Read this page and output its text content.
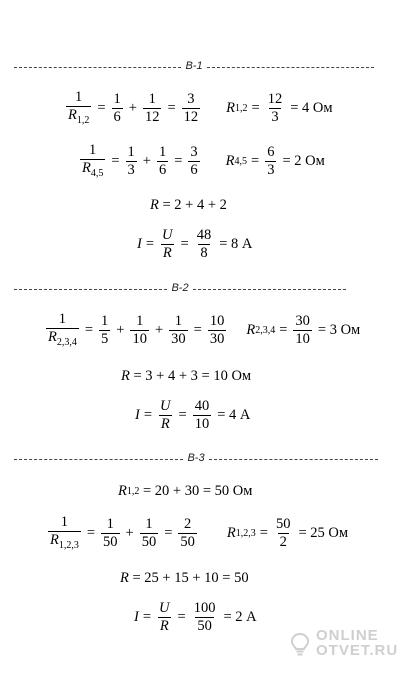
В-1
$\frac{1}{R_{1,2}} = \frac{1}{6} + \frac{1}{12} = \frac{3}{12}$ R $1,2 = \frac{12}{3} = 4$ Ом
$\frac{1}{R_{4,5}} = \frac{1}{3} + \frac{1}{6} = \frac{3}{6}$ R $4,5 = \frac{6}{3} = 2$ Ом
R
= 2 + 4 + 2
$I = \frac{U}{R} = \frac{48}{8} = 8$ А
В-2
$\frac{1}{R_{2,3,4}} = \frac{1}{5} + \frac{1}{10} + \frac{1}{30} = \frac{10}{30}$ R $2,3,4 = \frac{30}{10} = 3$ Ом
R
= 3 + 4 + 3 = 10 Ом
$I = \frac{U}{R} = \frac{40}{10} = 4$ А
В-3
R 1,2
= 20 + 30 = 50 Ом
$\frac{1}{R_{1,2,3}} = \frac{1}{50} + \frac{1}{50} = \frac{2}{50}$ R $1,2,3 = \frac{50}{2} = 25$ Ом
R
= 25 + 15 + 10 = 50
$I = \frac{U}{R} = \frac{100}{50} = 2$ А
ONLINE
OTVET.RU
